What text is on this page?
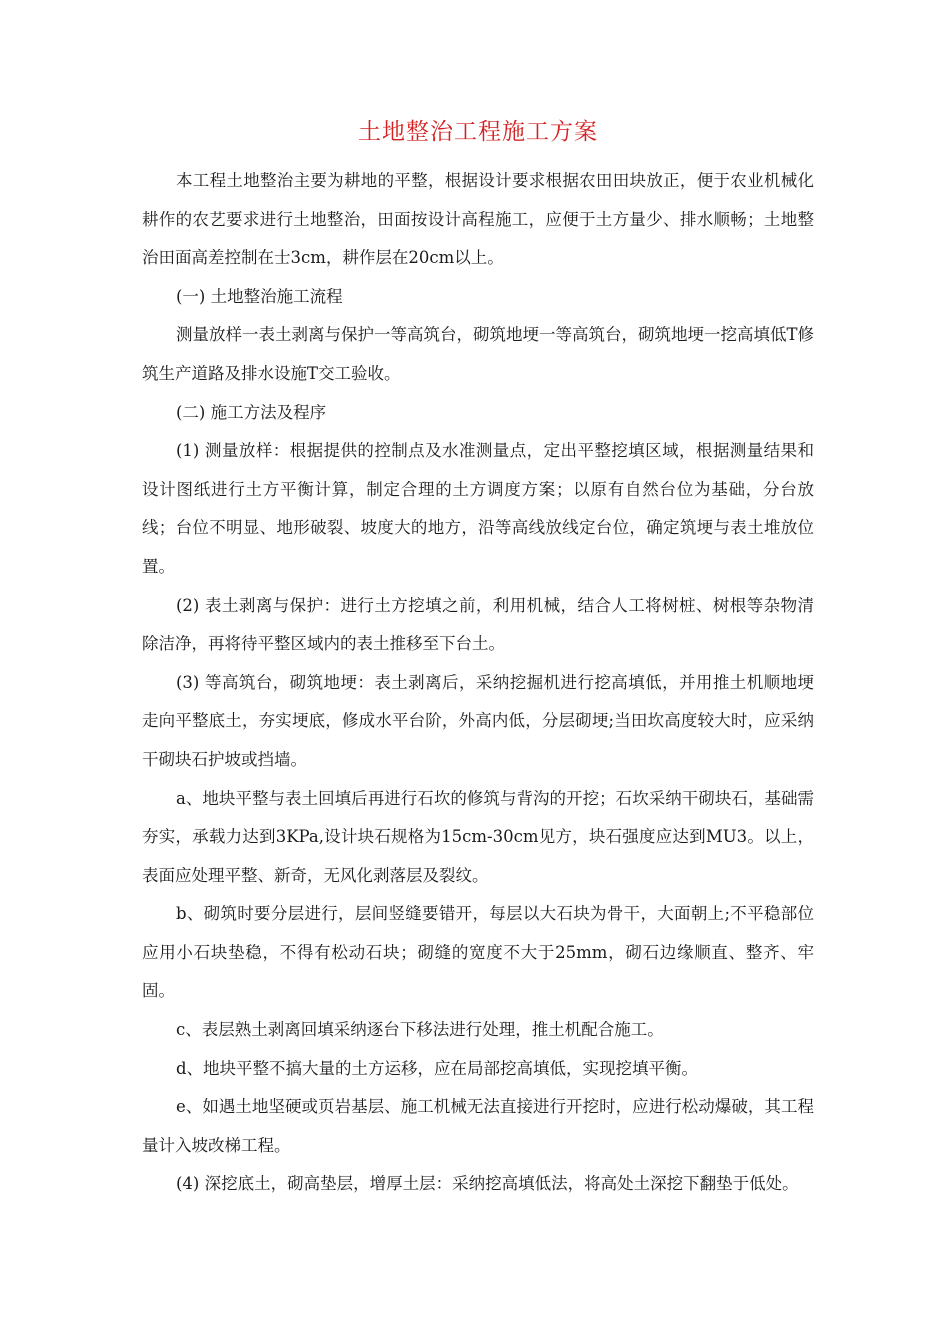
土地整治工程施工方案

本工程土地整治主要为耕地的平整，根据设计要求根据农田田块放正，便于农业机械化耕作的农艺要求进行土地整治，田面按设计高程施工，应便于土方量少、排水顺畅；土地整治田面高差控制在士3cm，耕作层在20cm以上。

(一) 土地整治施工流程

测量放样一表土剥离与保护一等高筑台，砌筑地埂一等高筑台，砌筑地埂一挖高填低T修筑生产道路及排水设施T交工验收。

(二) 施工方法及程序

(1) 测量放样：根据提供的控制点及水准测量点，定出平整挖填区域，根据测量结果和设计图纸进行土方平衡计算，制定合理的土方调度方案；以原有自然台位为基础，分台放线；台位不明显、地形破裂、坡度大的地方，沿等高线放线定台位，确定筑埂与表土堆放位置。

(2) 表土剥离与保护：进行土方挖填之前，利用机械，结合人工将树桩、树根等杂物清除洁净，再将待平整区域内的表土推移至下台土。

(3) 等高筑台，砌筑地埂：表土剥离后，采纳挖掘机进行挖高填低，并用推土机顺地埂走向平整底土，夯实埂底，修成水平台阶，外高内低，分层砌埂;当田坎高度较大时，应采纳干砌块石护坡或挡墙。

a、地块平整与表土回填后再进行石坎的修筑与背沟的开挖；石坎采纳干砌块石，基础需夯实，承载力达到3KPa,设计块石规格为15cm-30cm见方，块石强度应达到MU3。以上，表面应处理平整、新奇，无风化剥落层及裂纹。

b、砌筑时要分层进行，层间竖缝要错开，每层以大石块为骨干，大面朝上;不平稳部位应用小石块垫稳，不得有松动石块；砌缝的宽度不大于25mm，砌石边缘顺直、整齐、牢固。

c、表层熟土剥离回填采纳逐台下移法进行处理，推土机配合施工。

d、地块平整不搞大量的土方运移，应在局部挖高填低，实现挖填平衡。

e、如遇土地坚硬或页岩基层、施工机械无法直接进行开挖时，应进行松动爆破，其工程量计入坡改梯工程。

(4) 深挖底土，砌高垫层，增厚土层：采纳挖高填低法，将高处土深挖下翻垫于低处。
